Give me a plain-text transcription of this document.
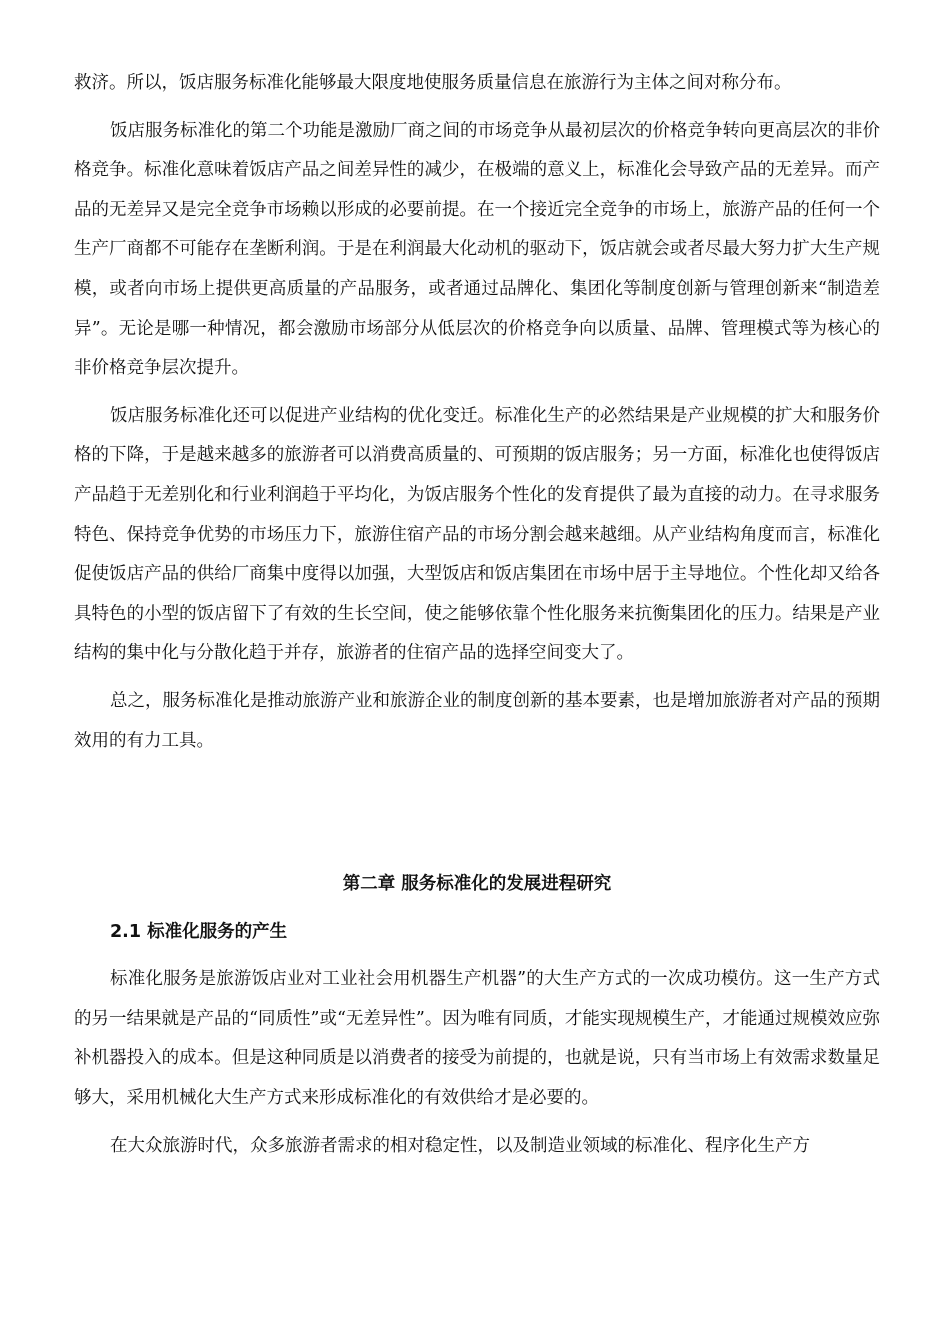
救济。所以，饭店服务标准化能够最大限度地使服务质量信息在旅游行为主体之间对称分布。

饭店服务标准化的第二个功能是激励厂商之间的市场竞争从最初层次的价格竞争转向更高层次的非价格竞争。标准化意味着饭店产品之间差异性的减少，在极端的意义上，标准化会导致产品的无差异。而产品的无差异又是完全竞争市场赖以形成的必要前提。在一个接近完全竞争的市场上，旅游产品的任何一个生产厂商都不可能存在垄断利润。于是在利润最大化动机的驱动下，饭店就会或者尽最大努力扩大生产规模，或者向市场上提供更高质量的产品服务，或者通过品牌化、集团化等制度创新与管理创新来“制造差异”。无论是哪一种情况，都会激励市场部分从低层次的价格竞争向以质量、品牌、管理模式等为核心的非价格竞争层次提升。

饭店服务标准化还可以促进产业结构的优化变迁。标准化生产的必然结果是产业规模的扩大和服务价格的下降，于是越来越多的旅游者可以消费高质量的、可预期的饭店服务；另一方面，标准化也使得饭店产品趋于无差别化和行业利润趋于平均化，为饭店服务个性化的发育提供了最为直接的动力。在寻求服务特色、保持竞争优势的市场压力下，旅游住宿产品的市场分割会越来越细。从产业结构角度而言，标准化促使饭店产品的供给厂商集中度得以加强，大型饭店和饭店集团在市场中居于主导地位。个性化却又给各具特色的小型的饭店留下了有效的生长空间，使之能够依靠个性化服务来抗衡集团化的压力。结果是产业结构的集中化与分散化趋于并存，旅游者的住宿产品的选择空间变大了。

总之，服务标准化是推动旅游产业和旅游企业的制度创新的基本要素，也是增加旅游者对产品的预期效用的有力工具。

第二章 服务标准化的发展进程研究
2.1 标准化服务的产生

标准化服务是旅游饭店业对工业社会用机器生产机器”的大生产方式的一次成功模仿。这一生产方式的另一结果就是产品的“同质性”或“无差异性”。因为唯有同质，才能实现规模生产，才能通过规模效应弥补机器投入的成本。但是这种同质是以消费者的接受为前提的，也就是说，只有当市场上有效需求数量足够大，采用机械化大生产方式来形成标准化的有效供给才是必要的。

在大众旅游时代，众多旅游者需求的相对稳定性，以及制造业领域的标准化、程序化生产方
